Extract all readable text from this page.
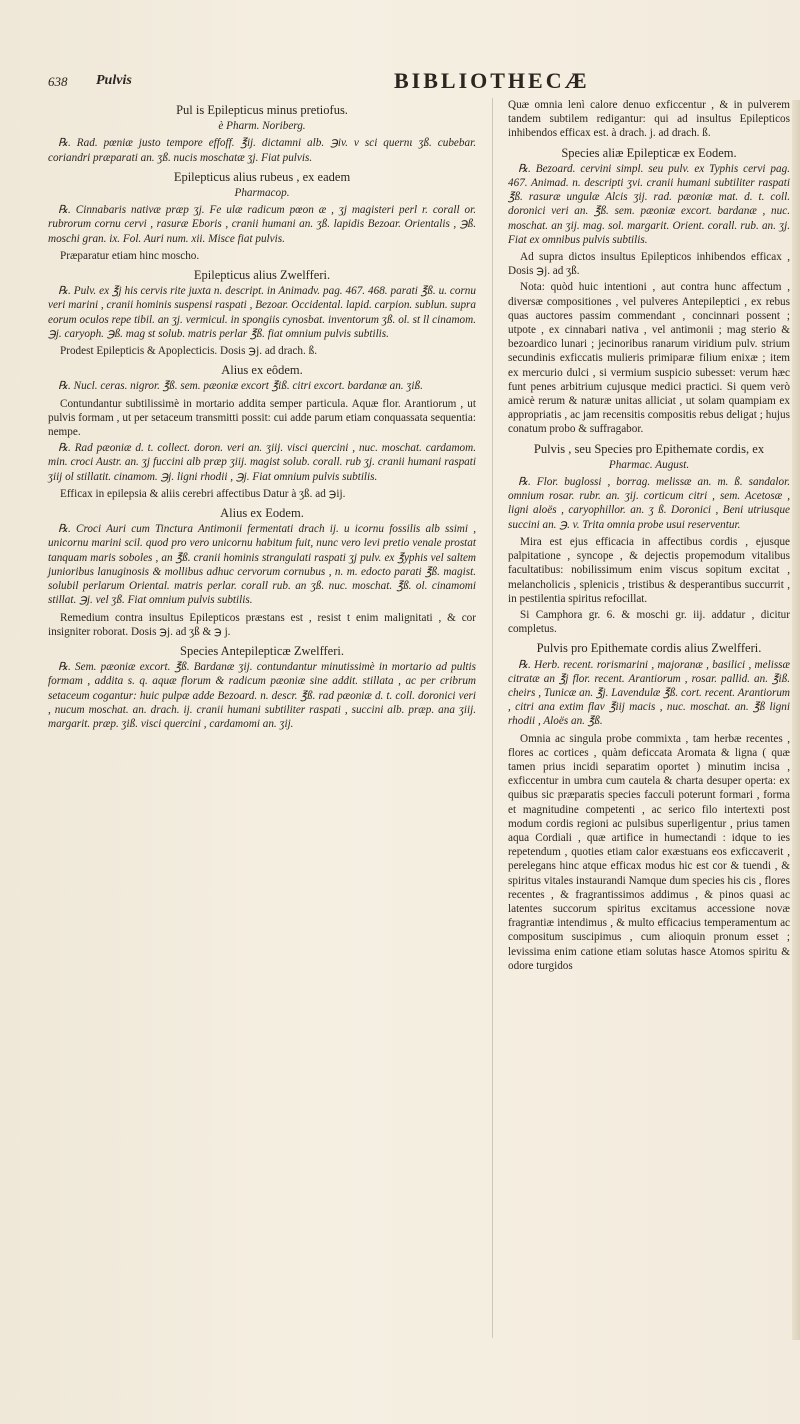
638 Pulvis	BIBLIOTHECÆ

Pul is Epilepticus minus pretiofus.

è Pharm. Noriberg.

℞. Rad. pœniæ justo tempore effoff. ℥ij. dictamni alb. ℈iv. v sci quernι ʒß. cubebar. coriandri præparati an. ʒß. nucis moschatæ ʒj. Fiat pulvis.

Epilepticus alius rubeus , ex eadem

Pharmacop.

℞. Cinnabaris nativæ præp ʒj. Fe ulæ radicum pœon æ , ʒj magisteri perl r. corall or. rubrorum cornu cervi , rasuræ Eboris , cranii humani an. ʒß. lapidis Bezoar. Orientalis , ℈ß. moschi gran. ix. Fol. Auri num. xii. Misce fiat pulvis.

Præparatur etiam hinc moscho.

Epilepticus alius Zwelfferi.

℞. Pulv. ex ℥j his cervis rite juxta n. descript. in Animadv. pag. 467. 468. parati ℥ß. u. cornu veri marini , cranii hominis suspensi raspati , Bezoar. Occidental. lapid. carpion. sublun. supra eorum oculos repe tibil. an ʒj. vermicul. in spongiis cynosbat. inventorum ʒß. ol. st ll cinamom. ℈j. caryoph. ℈ß. mag st solub. matris perlar ℥ß. fiat omnium pulvis subtilis.

Prodest Epilepticis & Apoplecticis. Dosis ℈j. ad drach. ß.

Alius ex eôdem.

℞. Nucl. ceras. nigror. ℥ß. sem. pæoniæ excort ℥iß. citri excort. bardanæ an. ʒiß.

Contundantur subtilissimè in mortario addita semper particula. Aquæ flor. Arantiorum , ut pulvis formam , ut per setaceum transmitti possit: cui adde parum etiam conquassata sequentia: nempe.

℞. Rad pæoniæ d. t. collect. doron. veri an. ʒiij. visci quercini , nuc. moschat. cardamom. min. croci Austr. an. ʒj fuccini alb præp ʒiij. magist solub. corall. rub ʒj. cranii humani raspati ʒiij ol stillatit. cinamom. ℈j. ligni rhodii , ℈j. Fiat omnium pulvis subtilis.

Efficax in epilepsia & aliis cerebri affectibus Datur à ʒß. ad ℈ij.

Alius ex Eodem.

℞. Croci Auri cum Tinctura Antimonii fermentati drach ij. u icornu fossilis alb ssimi , unicornu marini scil. quod pro vero unicornu habitum fuit, nunc vero levi pretio venale prostat tanquam maris soboles , an ℥ß. cranii hominis strangulati raspati ʒj pulv. ex ℥yphis vel saltem junioribus lanuginosis & mollibus adhuc cervorum cornubus , n. m. edocto parati ℥ß. magist. solubil perlarum Oriental. matris perlar. corall rub. an ʒß. nuc. moschat. ℥ß. ol. cinamomi stillat. ℈j. vel ʒß. Fiat omnium pulvis subtilis.

Remedium contra insultus Epilepticos præstans est , resist t enim malignitati , & cor insigniter roborat. Dosis ℈j. ad ʒß & ℈ j.

Species Antepilepticæ Zwelfferi.

℞. Sem. pæoniæ excort. ℥ß. Bardanæ ʒij. contundantur minutissimè in mortario ad pultis formam , addita s. q. aquæ florum & radicum pæoniæ sine addit. stillata , ac per cribrum setaceum cogantur: huic pulpæ adde Bezoard. n. descr. ℥ß. rad pæoniæ d. t. coll. doronici veri , nucum moschat. an. drach. ij. cranii humani subtiliter raspati , succini alb. præp. ana ʒiij. margarit. præp. ʒiß. visci quercini , cardamomi an. ʒij.

Quæ omnia lenì calore denuo exficcentur , & in pulverem tandem subtilem redigantur: qui ad insultus Epilepticos inhibendos efficax est. à drach. j. ad drach. ß.

Species aliæ Epilepticæ ex Eodem.

℞. Bezoard. cervini simpl. seu pulv. ex Typhis cervi pag. 467. Animad. n. descripti ʒvi. cranii humani subtiliter raspati ℥ß. rasuræ ungulæ Alcis ʒij. rad. pæoniæ mat. d. t. coll. doronici veri an. ℥ß. sem. pæoniæ excort. bardanæ , nuc. moschat. an ʒij. mag. sol. margarit. Orient. corall. rub. an. ʒj. Fiat ex omnibus pulvis subtilis.

Ad supra dictos insultus Epilepticos inhibendos efficax , Dosis ℈j. ad ʒß.

Nota: quòd huic intentioni , aut contra hunc affectum , diversæ compositiones , vel pulveres Antepileptici , ex rebus quas auctores passim commendant , concinnari possent ; utpote , ex cinnabari nativa , vel antimonii ; mag sterio & bezoardico lunari ; jecinoribus ranarum viridium pulv. strium secundinis exficcatis mulieris primiparæ filium enixæ ; item ex mercurio dulci , si vermium suspicio subesset: verum hæc funt penes arbitrium cujusque medici practici. Si quem verò amicè rerum & naturæ unitas alliciat , ut solam quampiam ex appropriatis , ac jam recensitis compositis rebus deligat ; hujus conatum probo & suffragabor.

Pulvis , seu Species pro Epithemate cordis, ex

Pharmac. August.

℞. Flor. buglossi , borrag. melissæ an. m. ß. sandalor. omnium rosar. rubr. an. ʒij. corticum citri , sem. Acetosæ , ligni aloës , caryophillor. an. ʒ ß. Doronici , Beni utriusque succini an. ℈. v. Trita omnia probe usui reserventur.

Mira est ejus efficacia in affectibus cordis , ejusque palpitatione , syncope , & dejectis propemodum vitalibus facultatibus: nobilissimum enim viscus sopitum excitat , melancholicis , splenicis , tristibus & desperantibus succurrit , in pestilentia spiritus refocillat.

Si Camphora gr. 6. & moschi gr. iij. addatur , dicitur completus.

Pulvis pro Epithemate cordis alius Zwelfferi.

℞. Herb. recent. rorismarini , majoranæ , basilici , melissæ citratæ an ℥j flor. recent. Arantiorum , rosar. pallid. an. ℥iß. cheirs , Tunicæ an. ℥j. Lavendulæ ℥ß. cort. recent. Arantiorum , citri ana extim flav ℥iij macis , nuc. moschat. an. ℥ß ligni rhodii , Aloës an. ℥ß.

Omnia ac singula probe commixta , tam herbæ recentes , flores ac cortices , quàm deficcata Aromata & ligna ( quæ tamen prius incidi separatim oportet ) minutim incisa , exficcentur in umbra cum cautela & charta desuper operta: ex quibus sic præparatis species facculi poterunt formari , forma et magnitudine competenti , ac serico filo intertexti post modum cordis regioni ac pulsibus superligentur , prius tamen aqua Cordiali , quæ artifice in humectandi : idque to ies repetendum , quoties etiam calor exæstuans eos exficcaverit , perelegans hinc atque efficax modus hic est cor & tuendi , & spiritus vitales instaurandi Namque dum species his cis , flores recentes , & fragrantissimos addimus , & pinos quasi ac latentes succorum spiritus excitamus accessione novæ fragrantiæ intendimus , & multo efficacius temperamentum ac compositum suscipimus , cum alioquin pronum esset ; levissima enim catione etiam solutas hasce Atomos spiritu & odore turgidos
